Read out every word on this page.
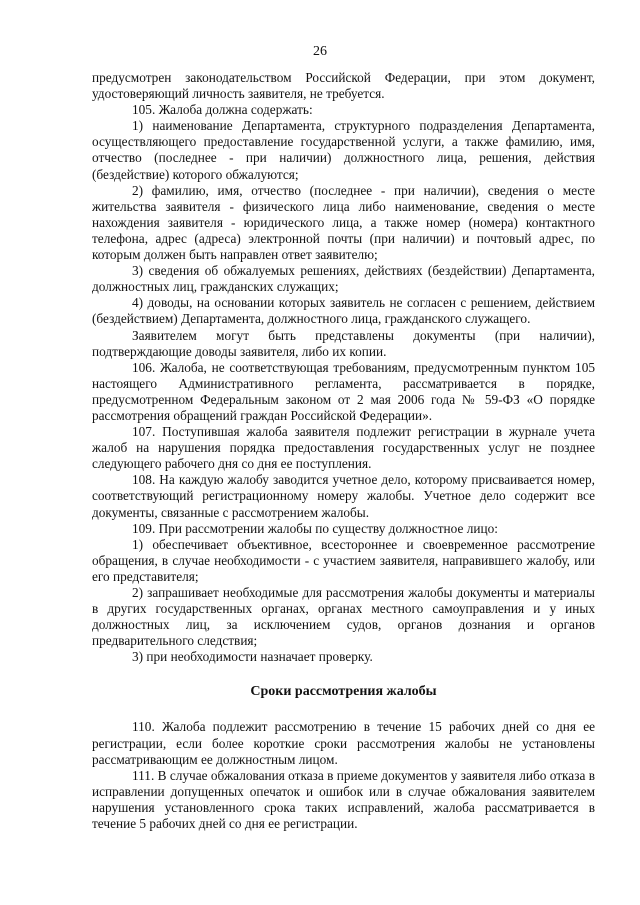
26

предусмотрен законодательством Российской Федерации, при этом документ, удостоверяющий личность заявителя, не требуется.

105. Жалоба должна содержать:

1) наименование Департамента, структурного подразделения Департамента, осуществляющего предоставление государственной услуги, а также фамилию, имя, отчество (последнее - при наличии) должностного лица, решения, действия (бездействие) которого обжалуются;

2) фамилию, имя, отчество (последнее - при наличии), сведения о месте жительства заявителя - физического лица либо наименование, сведения о месте нахождения заявителя - юридического лица, а также номер (номера) контактного телефона, адрес (адреса) электронной почты (при наличии) и почтовый адрес, по которым должен быть направлен ответ заявителю;

3) сведения об обжалуемых решениях, действиях (бездействии) Департамента, должностных лиц, гражданских служащих;

4) доводы, на основании которых заявитель не согласен с решением, действием (бездействием) Департамента, должностного лица, гражданского служащего.

Заявителем могут быть представлены документы (при наличии), подтверждающие доводы заявителя, либо их копии.

106. Жалоба, не соответствующая требованиям, предусмотренным пунктом 105 настоящего Административного регламента, рассматривается в порядке, предусмотренном Федеральным законом от 2 мая 2006 года № 59-ФЗ «О порядке рассмотрения обращений граждан Российской Федерации».

107. Поступившая жалоба заявителя подлежит регистрации в журнале учета жалоб на нарушения порядка предоставления государственных услуг не позднее следующего рабочего дня со дня ее поступления.

108. На каждую жалобу заводится учетное дело, которому присваивается номер, соответствующий регистрационному номеру жалобы. Учетное дело содержит все документы, связанные с рассмотрением жалобы.

109. При рассмотрении жалобы по существу должностное лицо:

1) обеспечивает объективное, всестороннее и своевременное рассмотрение обращения, в случае необходимости - с участием заявителя, направившего жалобу, или его представителя;

2) запрашивает необходимые для рассмотрения жалобы документы и материалы в других государственных органах, органах местного самоуправления и у иных должностных лиц, за исключением судов, органов дознания и органов предварительного следствия;

3) при необходимости назначает проверку.

Сроки рассмотрения жалобы

110. Жалоба подлежит рассмотрению в течение 15 рабочих дней со дня ее регистрации, если более короткие сроки рассмотрения жалобы не установлены рассматривающим ее должностным лицом.

111. В случае обжалования отказа в приеме документов у заявителя либо отказа в исправлении допущенных опечаток и ошибок или в случае обжалования заявителем нарушения установленного срока таких исправлений, жалоба рассматривается в течение 5 рабочих дней со дня ее регистрации.
